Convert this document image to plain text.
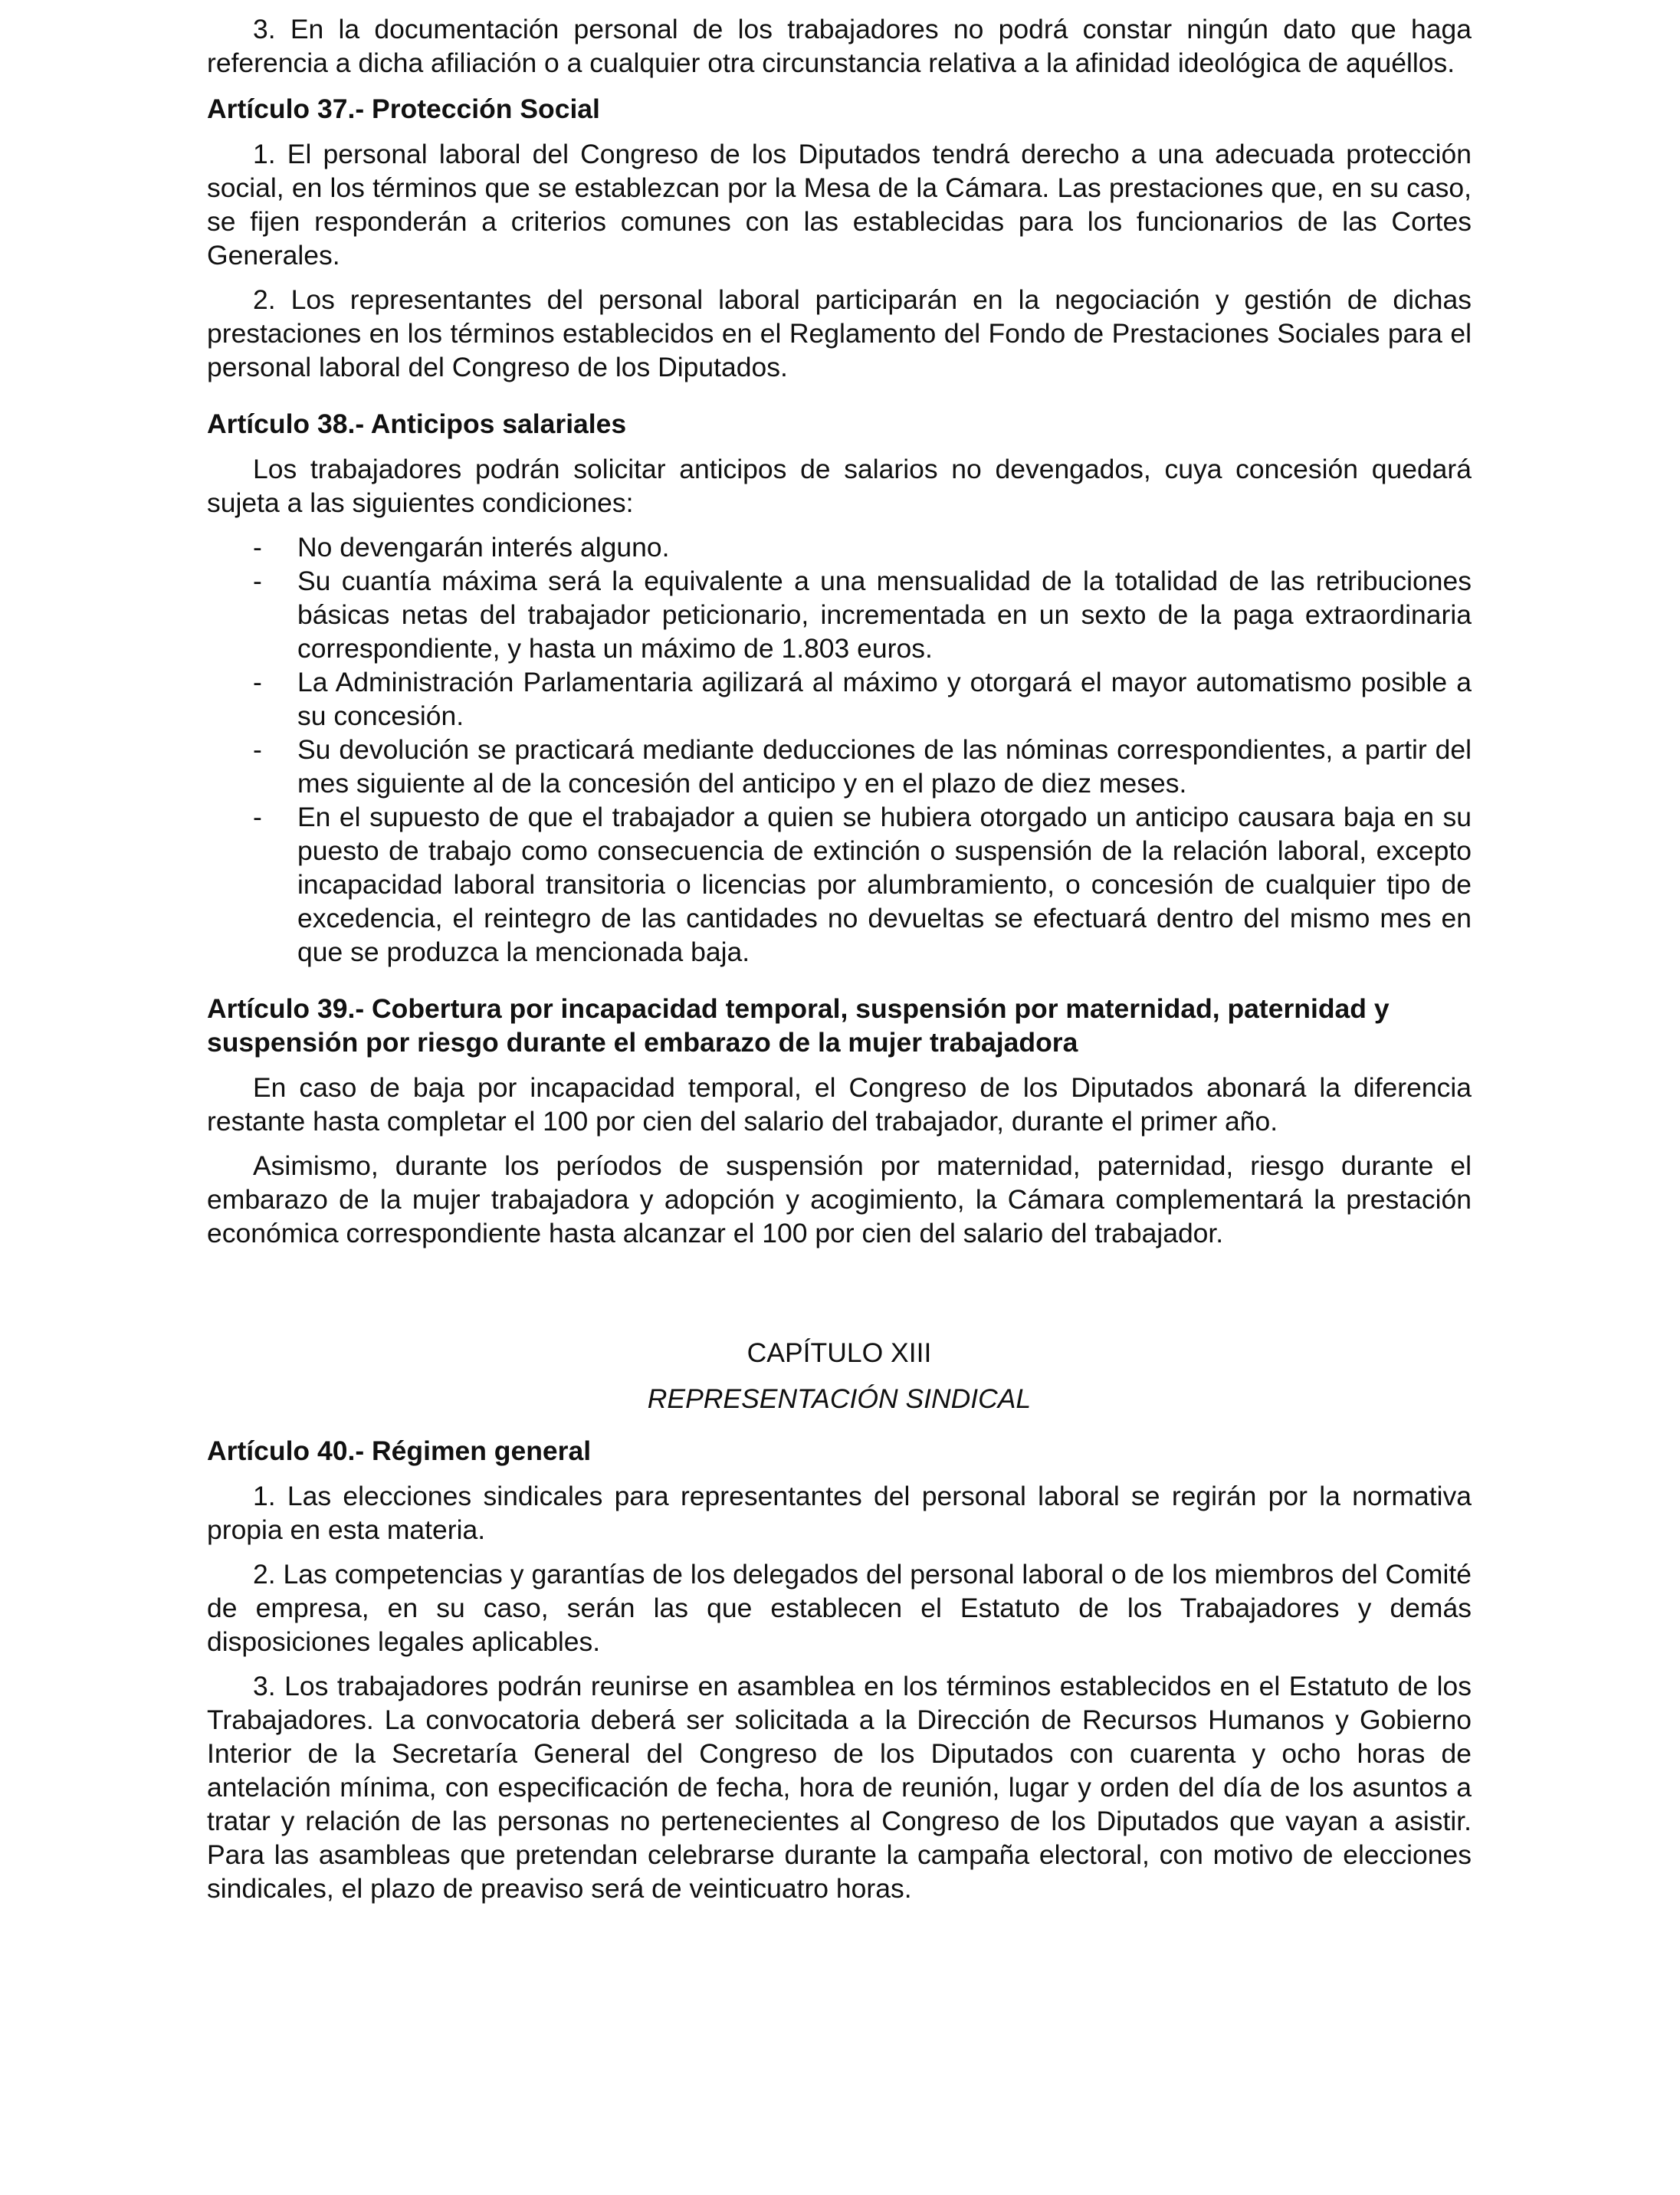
3. En la documentación personal de los trabajadores no podrá constar ningún dato que haga referencia a dicha afiliación o a cualquier otra circunstancia relativa a la afinidad ideológica de aquéllos.

Artículo 37.- Protección Social

1. El personal laboral del Congreso de los Diputados tendrá derecho a una adecuada protección social, en los términos que se establezcan por la Mesa de la Cámara. Las prestaciones que, en su caso, se fijen responderán a criterios comunes con las establecidas para los funcionarios de las Cortes Generales.

2. Los representantes del personal laboral participarán en la negociación y gestión de dichas prestaciones en los términos establecidos en el Reglamento del Fondo de Prestaciones Sociales para el personal laboral del Congreso de los Diputados.

Artículo 38.- Anticipos salariales

Los trabajadores podrán solicitar anticipos de salarios no devengados, cuya concesión quedará sujeta a las siguientes condiciones:

- No devengarán interés alguno.
- Su cuantía máxima será la equivalente a una mensualidad de la totalidad de las retribuciones básicas netas del trabajador peticionario, incrementada en un sexto de la paga extraordinaria correspondiente, y hasta un máximo de 1.803 euros.
- La Administración Parlamentaria agilizará al máximo y otorgará el mayor automatismo posible a su concesión.
- Su devolución se practicará mediante deducciones de las nóminas correspondientes, a partir del mes siguiente al de la concesión del anticipo y en el plazo de diez meses.
- En el supuesto de que el trabajador a quien se hubiera otorgado un anticipo causara baja en su puesto de trabajo como consecuencia de extinción o suspensión de la relación laboral, excepto incapacidad laboral transitoria o licencias por alumbramiento, o concesión de cualquier tipo de excedencia, el reintegro de las cantidades no devueltas se efectuará dentro del mismo mes en que se produzca la mencionada baja.
Artículo 39.- Cobertura por incapacidad temporal, suspensión por maternidad, paternidad y suspensión por riesgo durante el embarazo de la mujer trabajadora

En caso de baja por incapacidad temporal, el Congreso de los Diputados abonará la diferencia restante hasta completar el 100 por cien del salario del trabajador, durante el primer año.

Asimismo, durante los períodos de suspensión por maternidad, paternidad, riesgo durante el embarazo de la mujer trabajadora y adopción y acogimiento, la Cámara complementará la prestación económica correspondiente hasta alcanzar el 100 por cien del salario del trabajador.

CAPÍTULO XIII
REPRESENTACIÓN SINDICAL
Artículo 40.- Régimen general

1. Las elecciones sindicales para representantes del personal laboral se regirán por la normativa propia en esta materia.

2. Las competencias y garantías de los delegados del personal laboral o de los miembros del Comité de empresa, en su caso, serán las que establecen el Estatuto de los Trabajadores y demás disposiciones legales aplicables.

3. Los trabajadores podrán reunirse en asamblea en los términos establecidos en el Estatuto de los Trabajadores. La convocatoria deberá ser solicitada a la Dirección de Recursos Humanos y Gobierno Interior de la Secretaría General del Congreso de los Diputados con cuarenta y ocho horas de antelación mínima, con especificación de fecha, hora de reunión, lugar y orden del día de los asuntos a tratar y relación de las personas no pertenecientes al Congreso de los Diputados que vayan a asistir. Para las asambleas que pretendan celebrarse durante la campaña electoral, con motivo de elecciones sindicales, el plazo de preaviso será de veinticuatro horas.
